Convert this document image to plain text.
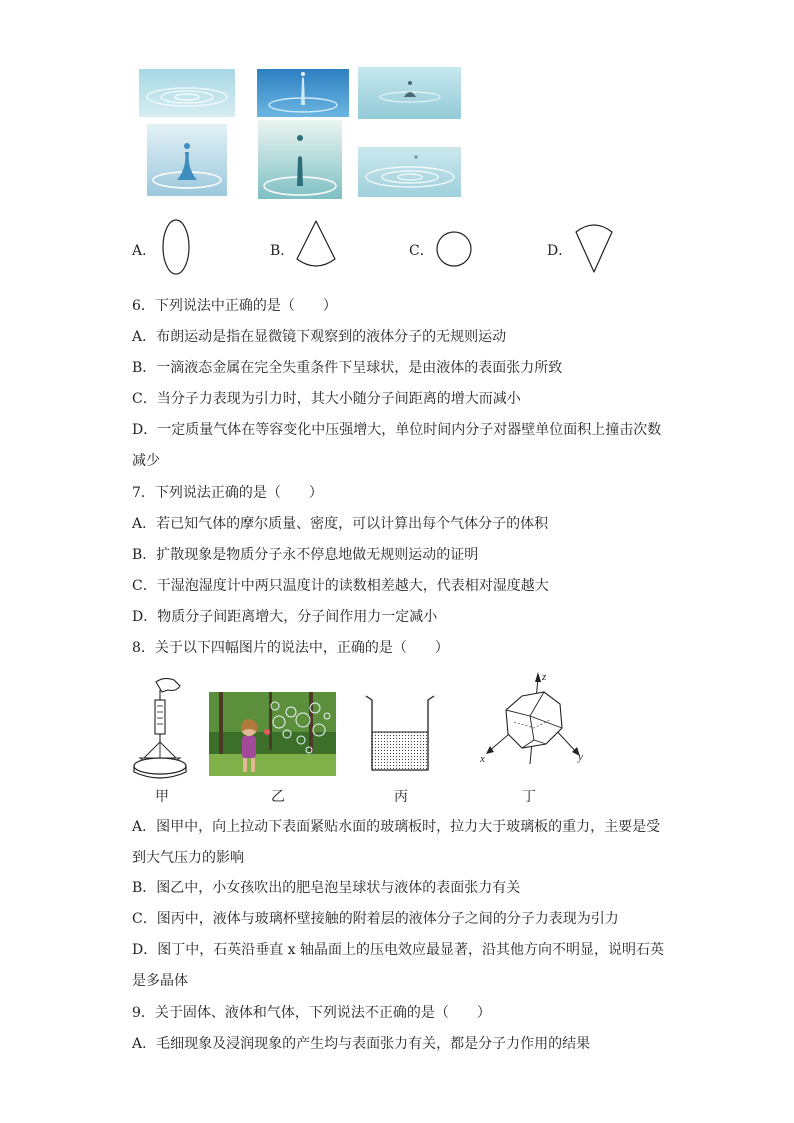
A．	B．	C．	D．
6．下列说法中正确的是（　　）
A．布朗运动是指在显微镜下观察到的液体分子的无规则运动
B．一滴液态金属在完全失重条件下呈球状，是由液体的表面张力所致
C．当分子力表现为引力时，其大小随分子间距离的增大而减小
D．一定质量气体在等容变化中压强增大，单位时间内分子对器壁单位面积上撞击次数
减少
7．下列说法正确的是（　　）
A．若已知气体的摩尔质量、密度，可以计算出每个气体分子的体积
B．扩散现象是物质分子永不停息地做无规则运动的证明
C．干湿泡湿度计中两只温度计的读数相差越大，代表相对湿度越大
D．物质分子间距离增大，分子间作用力一定减小
8．关于以下四幅图片的说法中，正确的是（　　）
z
x	y
甲	乙	丙	丁
A．图甲中，向上拉动下表面紧贴水面的玻璃板时，拉力大于玻璃板的重力，主要是受
到大气压力的影响
B．图乙中，小女孩吹出的肥皂泡呈球状与液体的表面张力有关
C．图丙中，液体与玻璃杯壁接触的附着层的液体分子之间的分子力表现为引力
D．图丁中，石英沿垂直 x 轴晶面上的压电效应最显著，沿其他方向不明显，说明石英
是多晶体
9．关于固体、液体和气体，下列说法不正确的是（　　）
A．毛细现象及浸润现象的产生均与表面张力有关，都是分子力作用的结果
